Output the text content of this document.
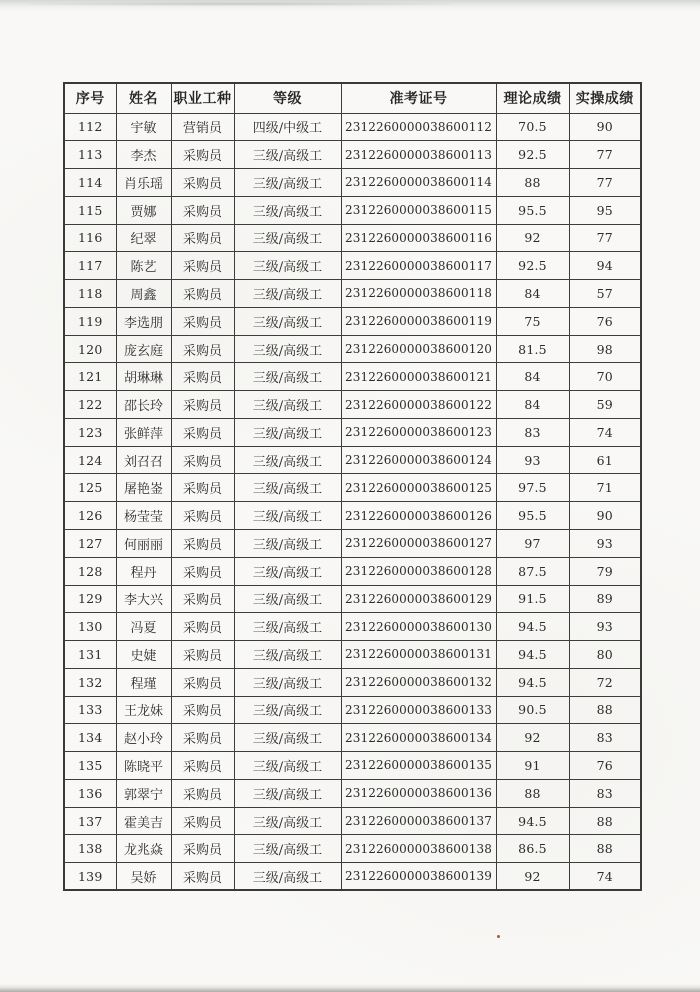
序号	姓名	职业工种	等级	准考证号	理论成绩	实操成绩
112	宇敏	营销员	四级/中级工	2312260000038600112	70.5	90
113	李杰	采购员	三级/高级工	2312260000038600113	92.5	77
114	肖乐瑶	采购员	三级/高级工	2312260000038600114	88	77
115	贾娜	采购员	三级/高级工	2312260000038600115	95.5	95
116	纪翠	采购员	三级/高级工	2312260000038600116	92	77
117	陈艺	采购员	三级/高级工	2312260000038600117	92.5	94
118	周鑫	采购员	三级/高级工	2312260000038600118	84	57
119	李选朋	采购员	三级/高级工	2312260000038600119	75	76
120	庞玄庭	采购员	三级/高级工	2312260000038600120	81.5	98
121	胡琳琳	采购员	三级/高级工	2312260000038600121	84	70
122	邵长玲	采购员	三级/高级工	2312260000038600122	84	59
123	张鲜萍	采购员	三级/高级工	2312260000038600123	83	74
124	刘召召	采购员	三级/高级工	2312260000038600124	93	61
125	屠艳崟	采购员	三级/高级工	2312260000038600125	97.5	71
126	杨莹莹	采购员	三级/高级工	2312260000038600126	95.5	90
127	何丽丽	采购员	三级/高级工	2312260000038600127	97	93
128	程丹	采购员	三级/高级工	2312260000038600128	87.5	79
129	李大兴	采购员	三级/高级工	2312260000038600129	91.5	89
130	冯夏	采购员	三级/高级工	2312260000038600130	94.5	93
131	史婕	采购员	三级/高级工	2312260000038600131	94.5	80
132	程瑾	采购员	三级/高级工	2312260000038600132	94.5	72
133	王龙妹	采购员	三级/高级工	2312260000038600133	90.5	88
134	赵小玲	采购员	三级/高级工	2312260000038600134	92	83
135	陈晓平	采购员	三级/高级工	2312260000038600135	91	76
136	郭翠宁	采购员	三级/高级工	2312260000038600136	88	83
137	霍美吉	采购员	三级/高级工	2312260000038600137	94.5	88
138	龙兆焱	采购员	三级/高级工	2312260000038600138	86.5	88
139	吴娇	采购员	三级/高级工	2312260000038600139	92	74
